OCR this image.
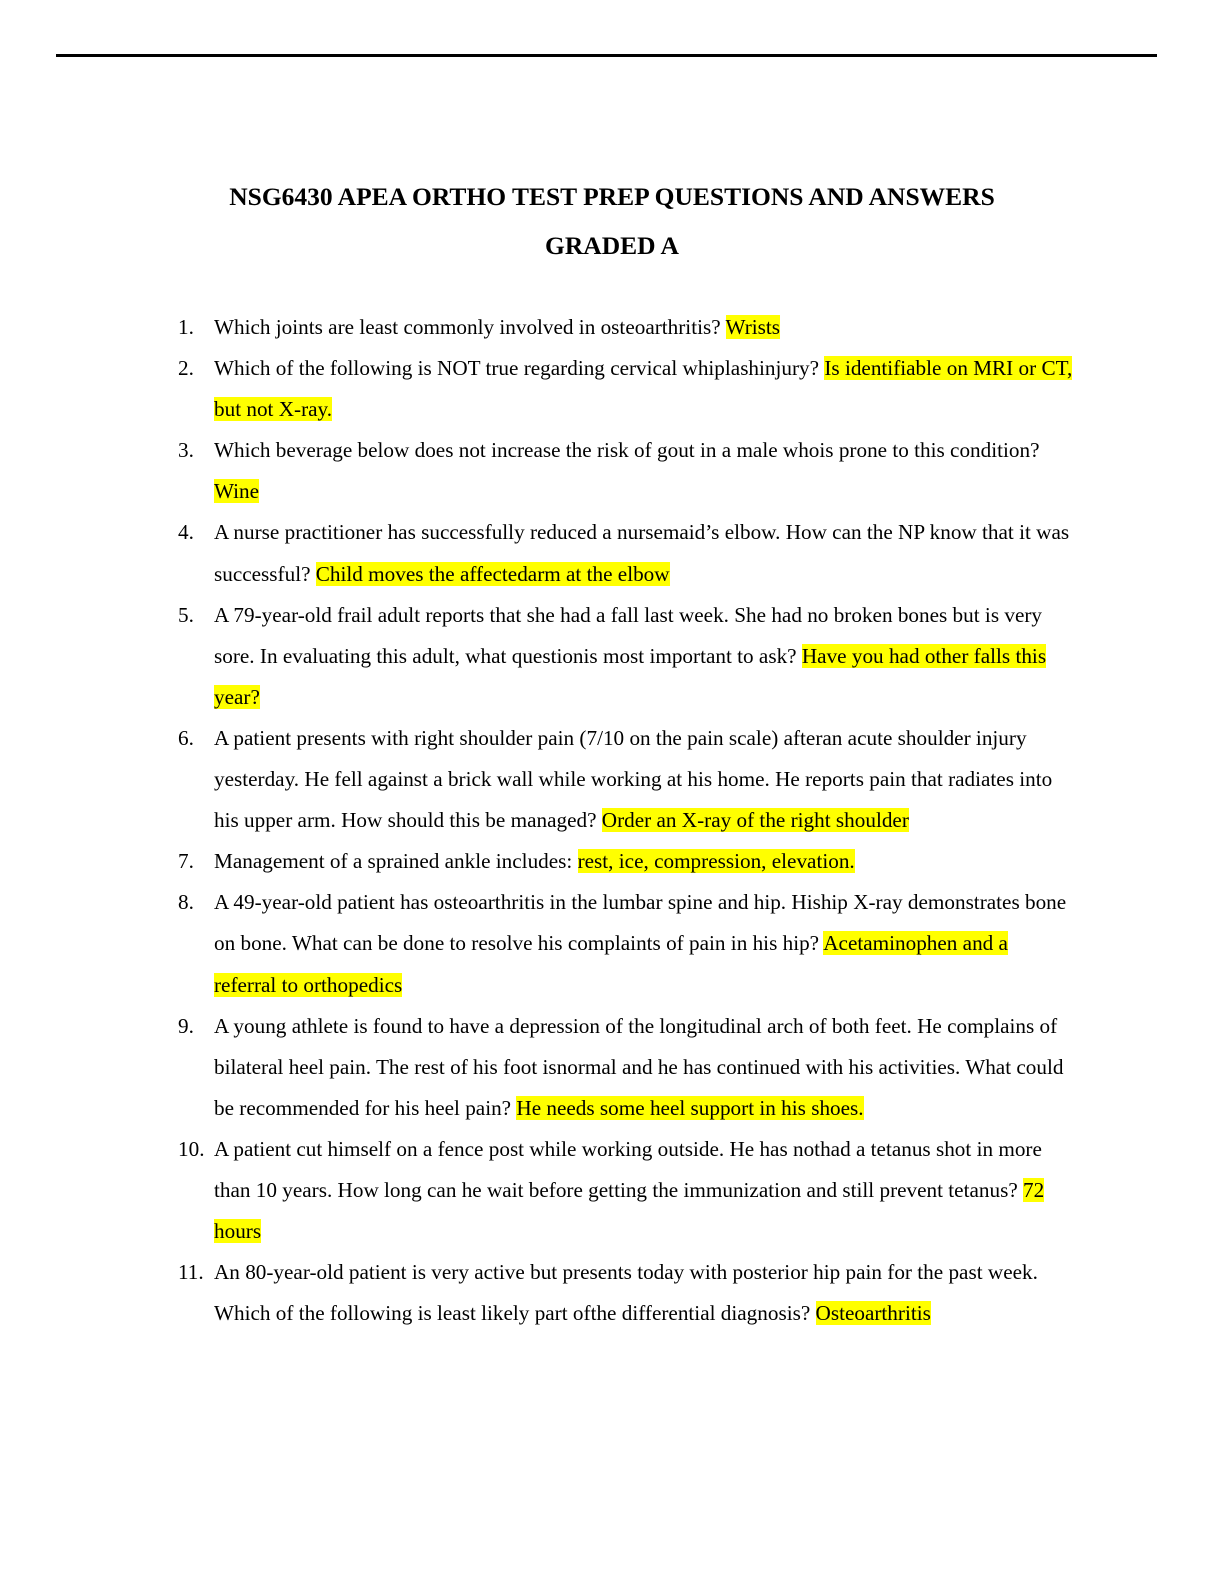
NSG6430 APEA ORTHO TEST PREP QUESTIONS AND ANSWERS
GRADED A
1. Which joints are least commonly involved in osteoarthritis? Wrists
2. Which of the following is NOT true regarding cervical whiplashinjury? Is identifiable on MRI or CT, but not X-ray.
3. Which beverage below does not increase the risk of gout in a male whois prone to this condition? Wine
4. A nurse practitioner has successfully reduced a nursemaid’s elbow. How can the NP know that it was successful? Child moves the affectedarm at the elbow
5. A 79-year-old frail adult reports that she had a fall last week. She had no broken bones but is very sore. In evaluating this adult, what questionis most important to ask? Have you had other falls this year?
6. A patient presents with right shoulder pain (7/10 on the pain scale) afteran acute shoulder injury yesterday. He fell against a brick wall while working at his home. He reports pain that radiates into his upper arm. How should this be managed? Order an X-ray of the right shoulder
7. Management of a sprained ankle includes: rest, ice, compression, elevation.
8. A 49-year-old patient has osteoarthritis in the lumbar spine and hip. Hiship X-ray demonstrates bone on bone. What can be done to resolve his complaints of pain in his hip? Acetaminophen and a referral to orthopedics
9. A young athlete is found to have a depression of the longitudinal arch of both feet. He complains of bilateral heel pain. The rest of his foot isnormal and he has continued with his activities. What could be recommended for his heel pain? He needs some heel support in his shoes.
10. A patient cut himself on a fence post while working outside. He has nothad a tetanus shot in more than 10 years. How long can he wait before getting the immunization and still prevent tetanus? 72 hours
11. An 80-year-old patient is very active but presents today with posterior hip pain for the past week. Which of the following is least likely part ofthe differential diagnosis? Osteoarthritis
